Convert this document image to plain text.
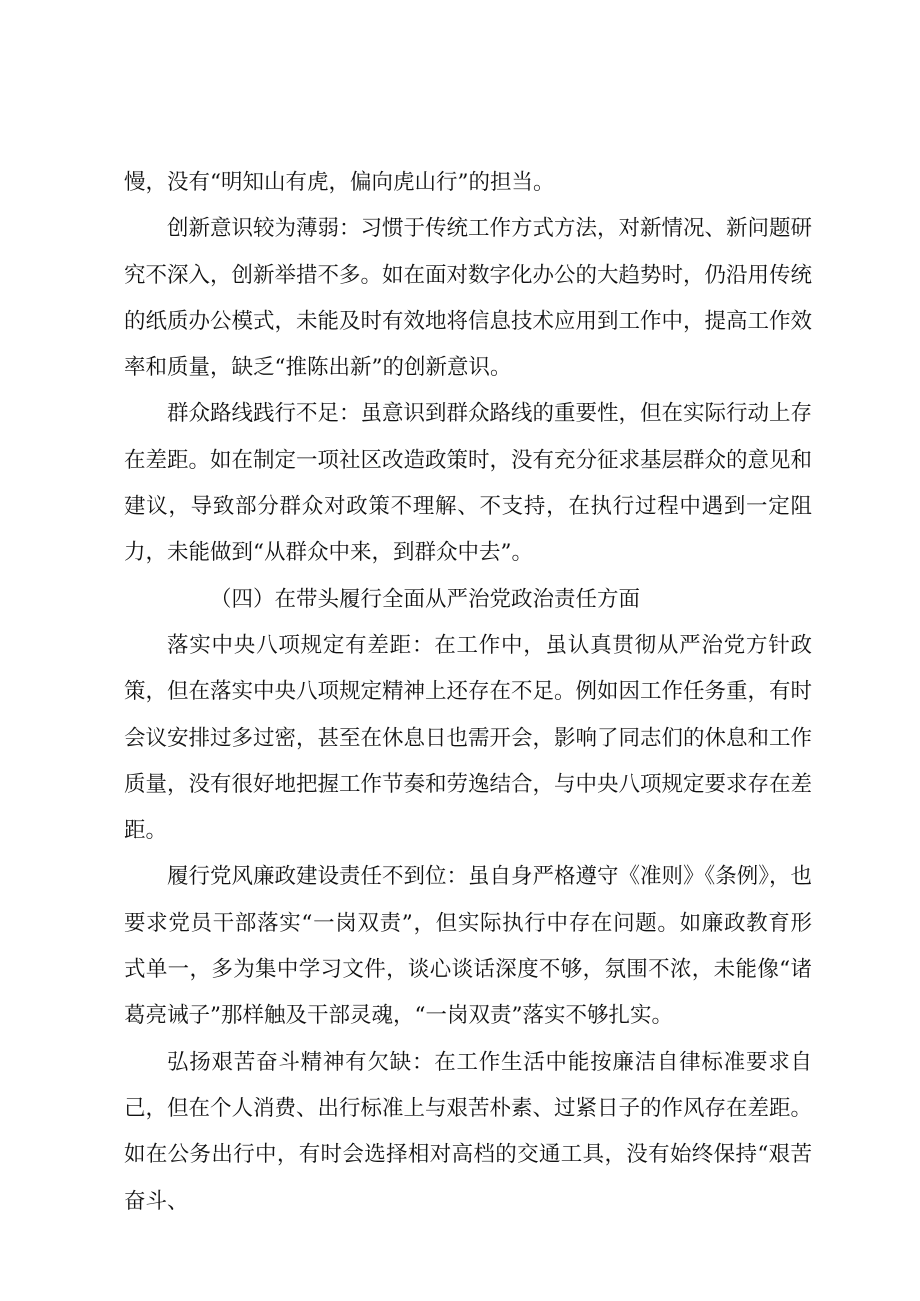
慢，没有“明知山有虎，偏向虎山行”的担当。

创新意识较为薄弱：习惯于传统工作方式方法，对新情况、新问题研究不深入，创新举措不多。如在面对数字化办公的大趋势时，仍沿用传统的纸质办公模式，未能及时有效地将信息技术应用到工作中，提高工作效率和质量，缺乏“推陈出新”的创新意识。

群众路线践行不足：虽意识到群众路线的重要性，但在实际行动上存在差距。如在制定一项社区改造政策时，没有充分征求基层群众的意见和建议，导致部分群众对政策不理解、不支持，在执行过程中遇到一定阻力，未能做到“从群众中来，到群众中去”。

（四）在带头履行全面从严治党政治责任方面

落实中央八项规定有差距：在工作中，虽认真贯彻从严治党方针政策，但在落实中央八项规定精神上还存在不足。例如因工作任务重，有时会议安排过多过密，甚至在休息日也需开会，影响了同志们的休息和工作质量，没有很好地把握工作节奏和劳逸结合，与中央八项规定要求存在差距。

履行党风廉政建设责任不到位：虽自身严格遵守《准则》《条例》，也要求党员干部落实“一岗双责”，但实际执行中存在问题。如廉政教育形式单一，多为集中学习文件，谈心谈话深度不够，氛围不浓，未能像“诸葛亮诫子”那样触及干部灵魂，“一岗双责”落实不够扎实。

弘扬艰苦奋斗精神有欠缺：在工作生活中能按廉洁自律标准要求自己，但在个人消费、出行标准上与艰苦朴素、过紧日子的作风存在差距。如在公务出行中，有时会选择相对高档的交通工具，没有始终保持“艰苦奋斗、
